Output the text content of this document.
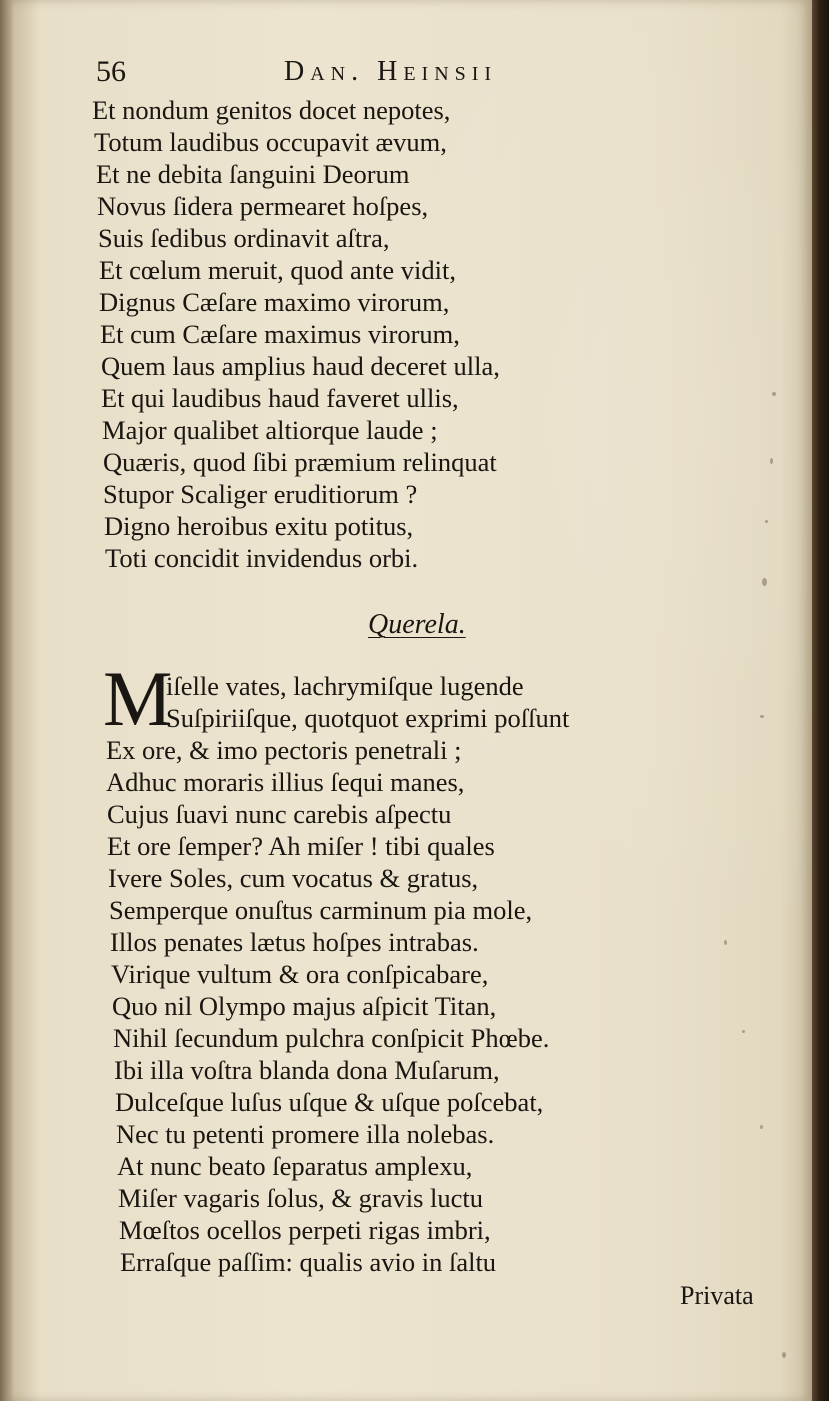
56	Dan. Heinsii
Et nondum genitos docet nepotes,
Totum laudibus occupavit ævum,
Et ne debita ſanguini Deorum
Novus ſidera permearet hoſpes,
Suis ſedibus ordinavit aſtra,
Et cœlum meruit, quod ante vidit,
Dignus Cæſare maximo virorum,
Et cum Cæſare maximus virorum,
Quem laus amplius haud deceret ulla,
Et qui laudibus haud faveret ullis,
Major qualibet altiorque laude ;
Quæris, quod ſibi præmium relinquat
Stupor Scaliger eruditiorum ?
Digno heroibus exitu potitus,
Toti concidit invidendus orbi.
Querela.
M
iſelle vates, lachrymiſque lugende
Suſpiriiſque, quotquot exprimi poſſunt
Ex ore, & imo pectoris penetrali ;
Adhuc moraris illius ſequi manes,
Cujus ſuavi nunc carebis aſpectu
Et ore ſemper? Ah miſer ! tibi quales
Ivere Soles, cum vocatus & gratus,
Semperque onuſtus carminum pia mole,
Illos penates lætus hoſpes intrabas.
Virique vultum & ora conſpicabare,
Quo nil Olympo majus aſpicit Titan,
Nihil ſecundum pulchra conſpicit Phœbe.
Ibi illa voſtra blanda dona Muſarum,
Dulceſque luſus uſque & uſque poſcebat,
Nec tu petenti promere illa nolebas.
At nunc beato ſeparatus amplexu,
Miſer vagaris ſolus, & gravis luctu
Mœſtos ocellos perpeti rigas imbri,
Erraſque paſſim: qualis avio in ſaltu
Privata
